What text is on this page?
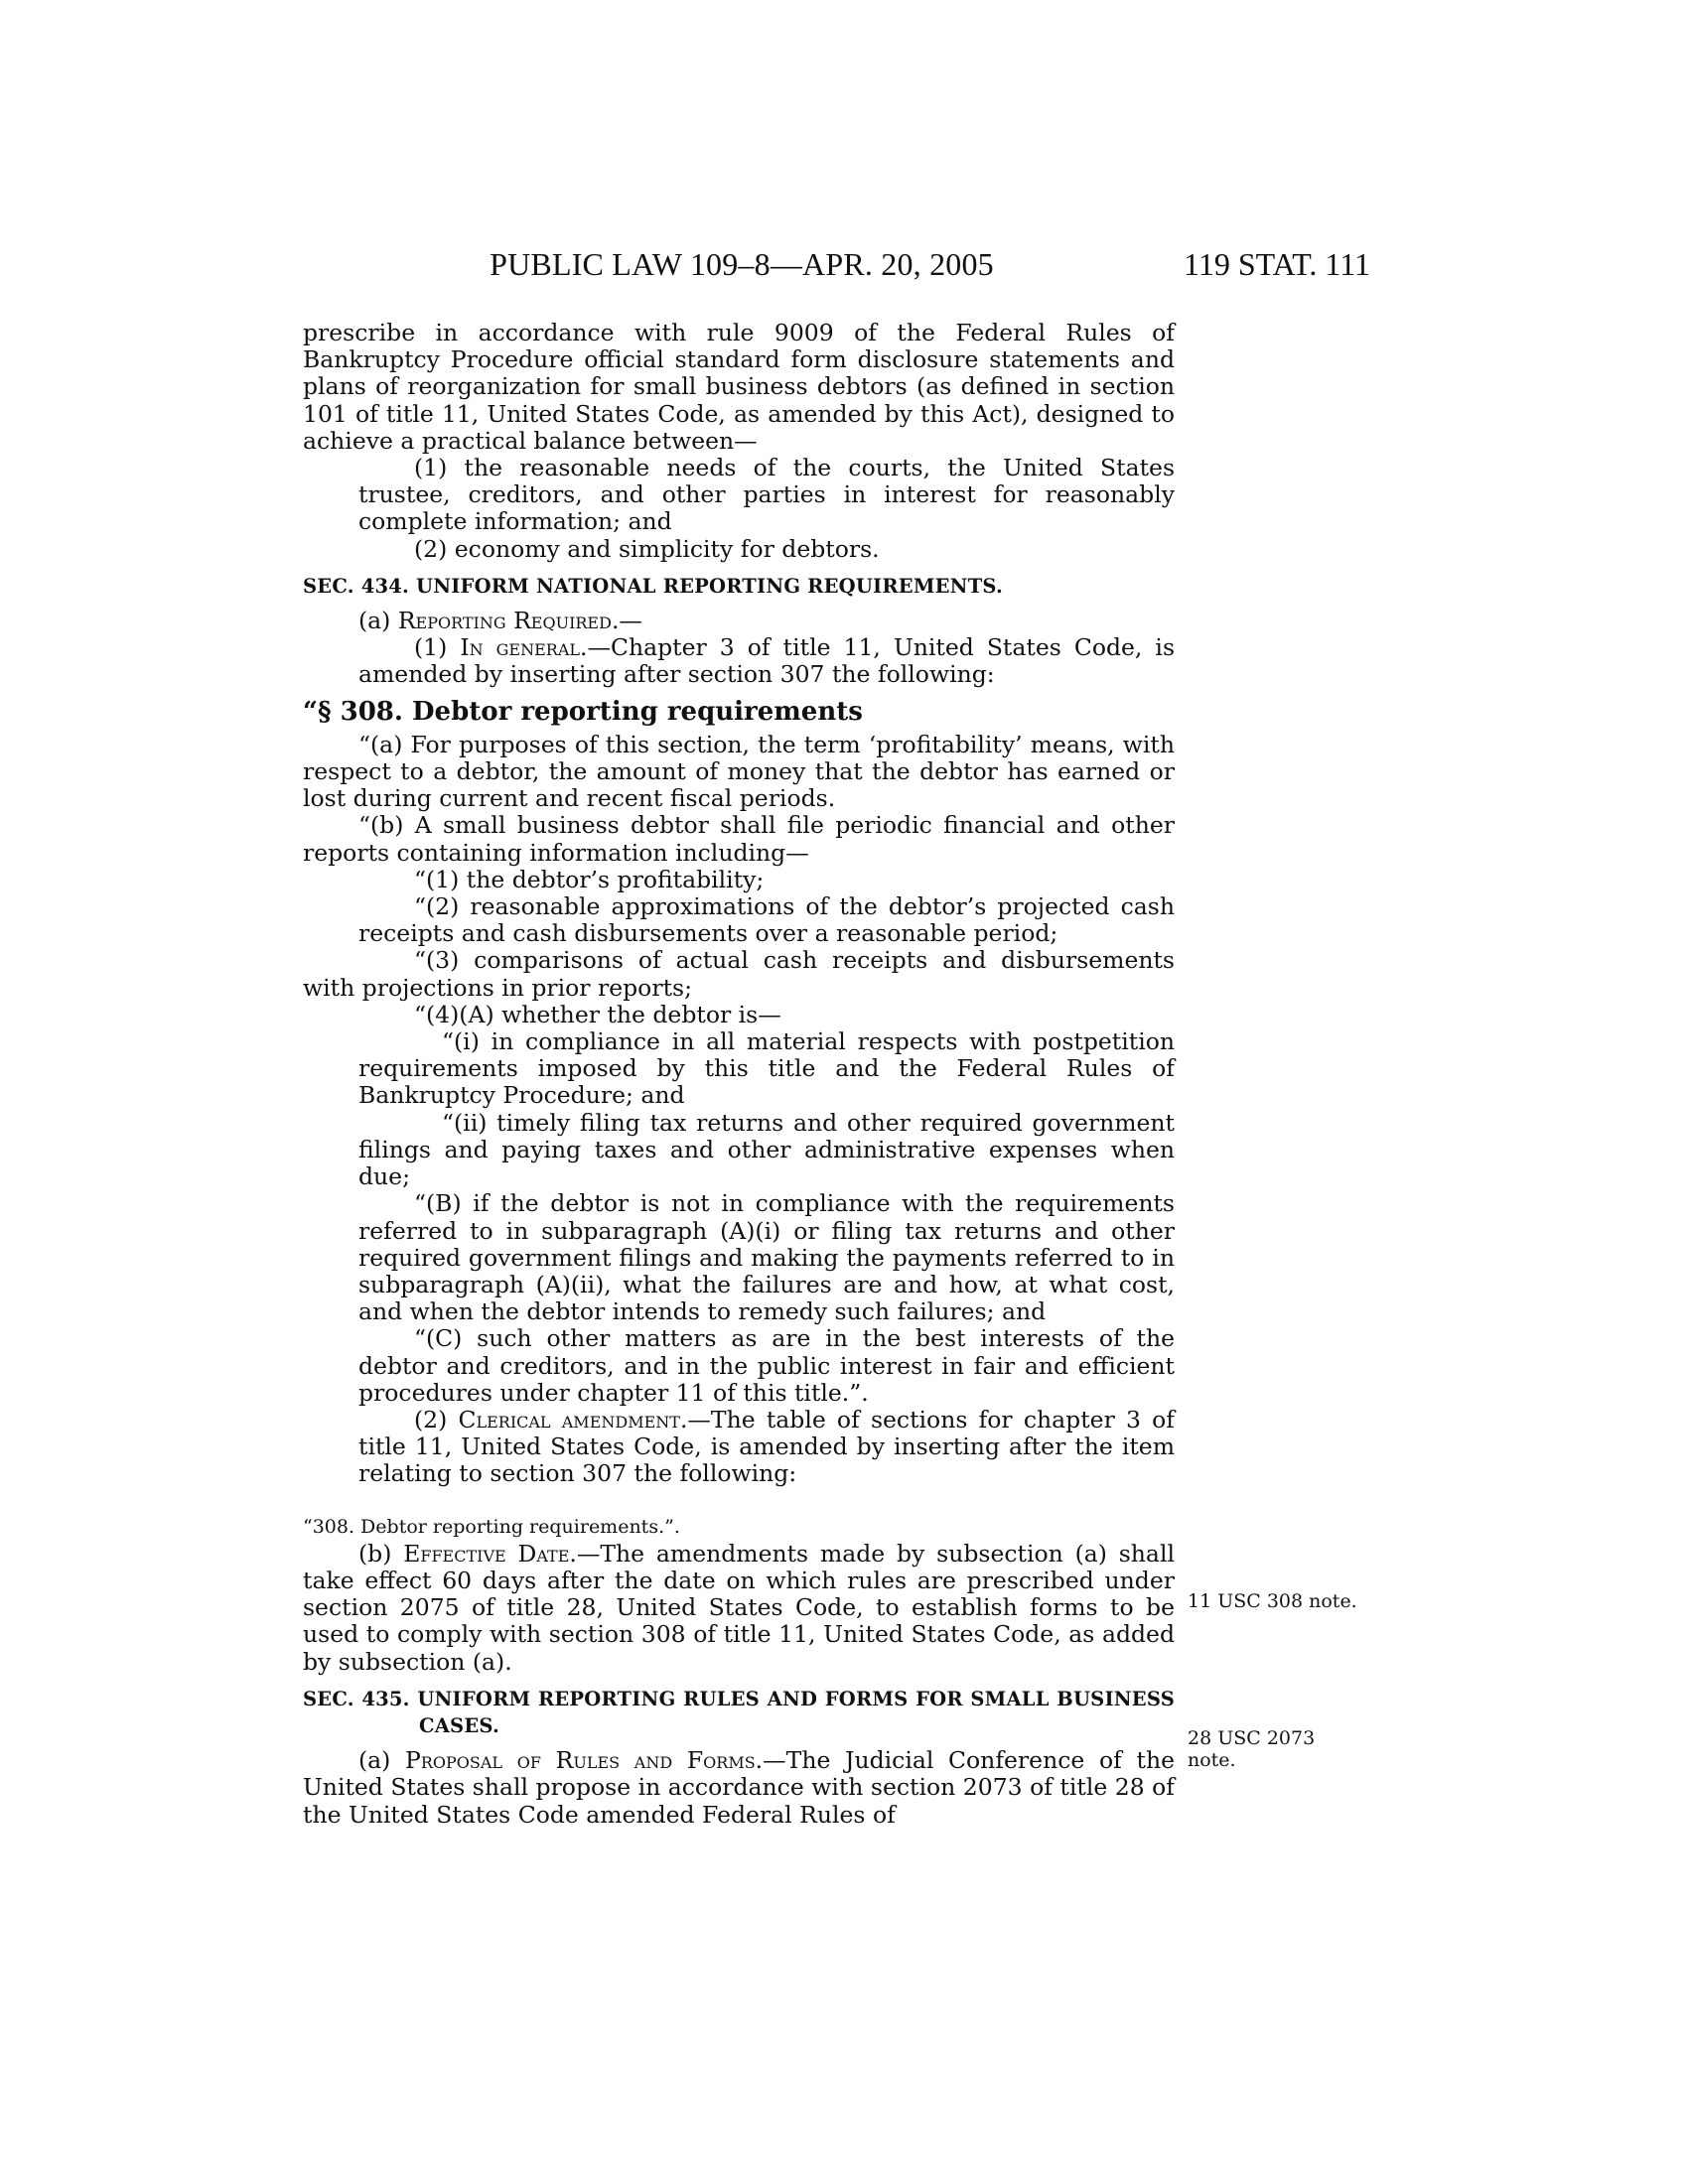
PUBLIC LAW 109–8—APR. 20, 2005	119 STAT. 111

prescribe in accordance with rule 9009 of the Federal Rules of Bankruptcy Procedure official standard form disclosure statements and plans of reorganization for small business debtors (as defined in section 101 of title 11, United States Code, as amended by this Act), designed to achieve a practical balance between—

(1) the reasonable needs of the courts, the United States trustee, creditors, and other parties in interest for reasonably complete information; and

(2) economy and simplicity for debtors.

SEC. 434. UNIFORM NATIONAL REPORTING REQUIREMENTS.

(a) Reporting Required.—

(1) In general.—Chapter 3 of title 11, United States Code, is amended by inserting after section 307 the following:

“§ 308. Debtor reporting requirements

“(a) For purposes of this section, the term ‘profitability’ means, with respect to a debtor, the amount of money that the debtor has earned or lost during current and recent fiscal periods.

“(b) A small business debtor shall file periodic financial and other reports containing information including—

“(1) the debtor’s profitability;

“(2) reasonable approximations of the debtor’s projected cash receipts and cash disbursements over a reasonable period;

“(3) comparisons of actual cash receipts and disbursements with projections in prior reports;

“(4)(A) whether the debtor is—

“(i) in compliance in all material respects with postpetition requirements imposed by this title and the Federal Rules of Bankruptcy Procedure; and

“(ii) timely filing tax returns and other required government filings and paying taxes and other administrative expenses when due;

“(B) if the debtor is not in compliance with the requirements referred to in subparagraph (A)(i) or filing tax returns and other required government filings and making the payments referred to in subparagraph (A)(ii), what the failures are and how, at what cost, and when the debtor intends to remedy such failures; and

“(C) such other matters as are in the best interests of the debtor and creditors, and in the public interest in fair and efficient procedures under chapter 11 of this title.”.

(2) Clerical amendment.—The table of sections for chapter 3 of title 11, United States Code, is amended by inserting after the item relating to section 307 the following:

“308. Debtor reporting requirements.”.

(b) Effective Date.—The amendments made by subsection (a) shall take effect 60 days after the date on which rules are prescribed under section 2075 of title 28, United States Code, to establish forms to be used to comply with section 308 of title 11, United States Code, as added by subsection (a).

SEC. 435. UNIFORM REPORTING RULES AND FORMS FOR SMALL BUSINESS CASES.

(a) Proposal of Rules and Forms.—The Judicial Conference of the United States shall propose in accordance with section 2073 of title 28 of the United States Code amended Federal Rules of

11 USC 308 note.
28 USC 2073
note.
